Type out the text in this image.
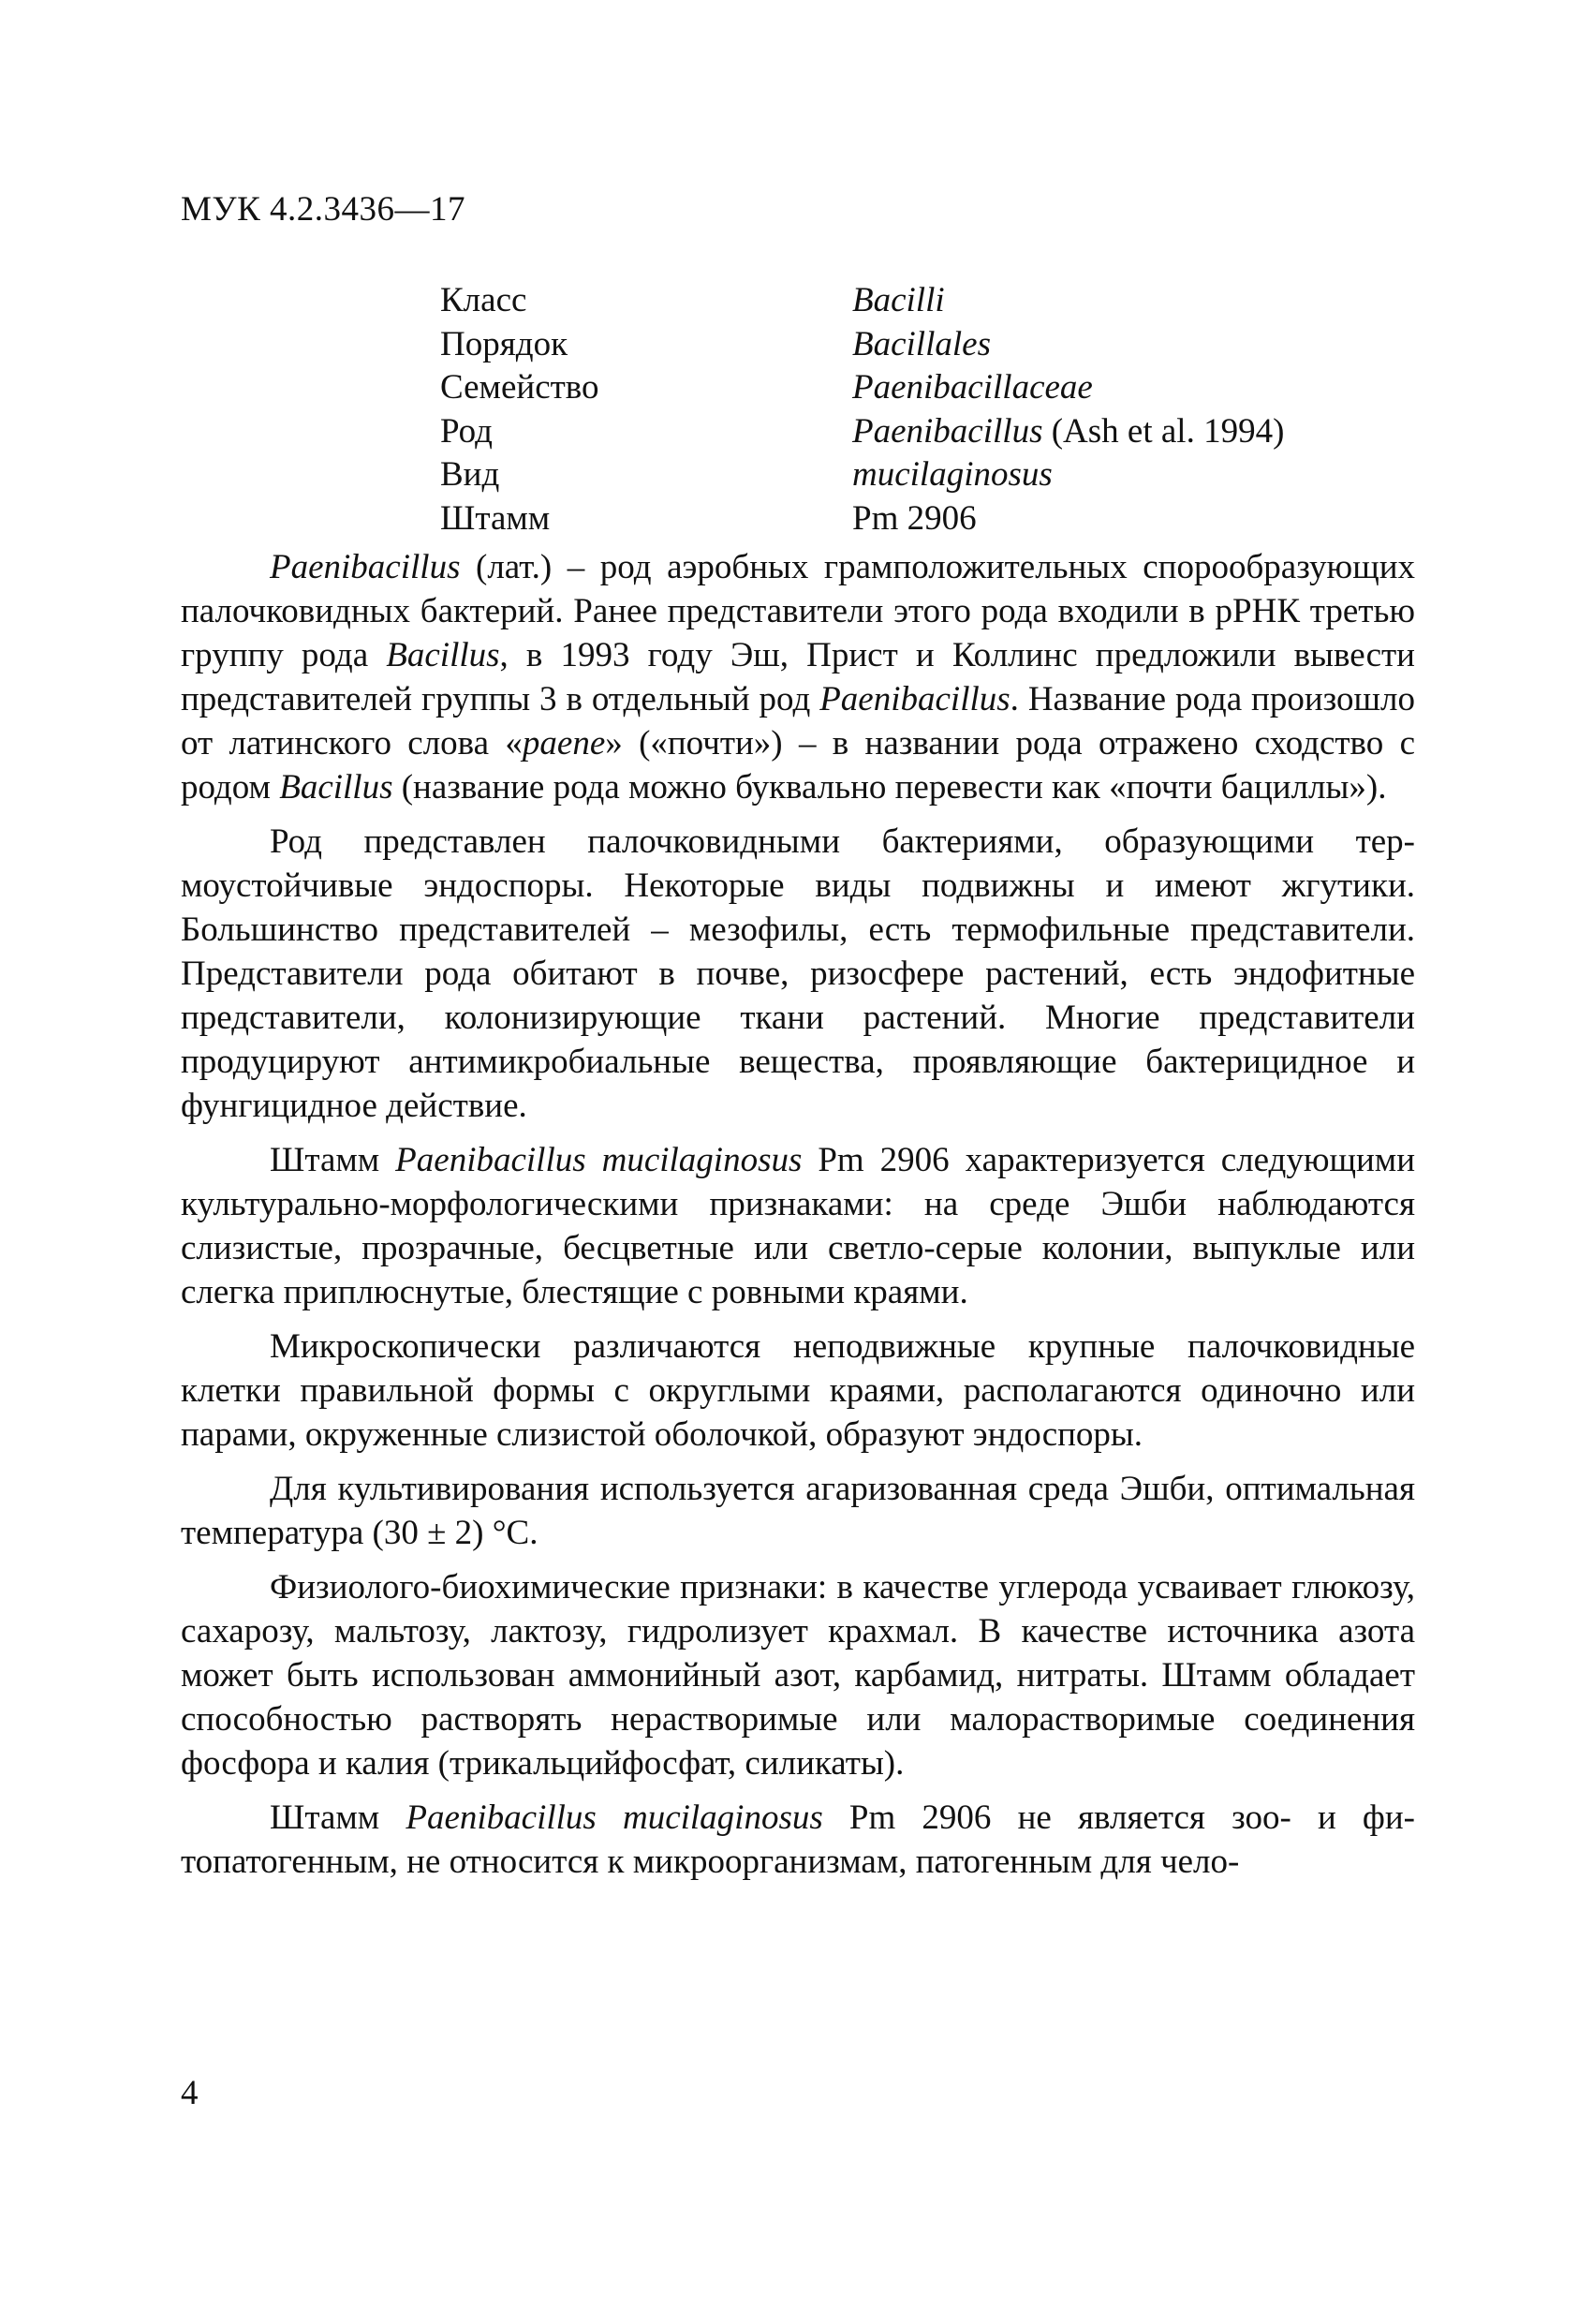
МУК 4.2.3436—17
Класс	Bacilli
Порядок	Bacillales
Семейство	Paenibacillaceae
Род	Paenibacillus (Ash et al. 1994)
Вид	mucilaginosus
Штамм	Pm 2906

Paenibacillus (лат.) – род аэробных грамположительных спорообразующих палочковидных бактерий. Ранее представители этого рода входили в рРНК третью группу рода Bacillus, в 1993 году Эш, Прист и Коллинс предложили вывести представителей группы 3 в отдельный род Paenibacillus. Название рода произошло от латинского слова «paene» («почти») – в названии рода отражено сходство с родом Bacillus (название рода можно буквально перевести как «почти бациллы»).

Род представлен палочковидными бактериями, образующими термоустойчивые эндоспоры. Некоторые виды подвижны и имеют жгутики. Большинство представителей – мезофилы, есть термофильные представители. Представители рода обитают в почве, ризосфере растений, есть эндофитные представители, колонизирующие ткани растений. Многие представители продуцируют антимикробиальные вещества, проявляющие бактерицидное и фунгицидное действие.

Штамм Paenibacillus mucilaginosus Pm 2906 характеризуется следующими культурально-морфологическими признаками: на среде Эшби наблюдаются слизистые, прозрачные, бесцветные или светло-серые колонии, выпуклые или слегка приплюснутые, блестящие с ровными краями.

Микроскопически различаются неподвижные крупные палочковидные клетки правильной формы с округлыми краями, располагаются одиночно или парами, окруженные слизистой оболочкой, образуют эндоспоры.

Для культивирования используется агаризованная среда Эшби, оптимальная температура (30 ± 2) °С.

Физиолого-биохимические признаки: в качестве углерода усваивает глюкозу, сахарозу, мальтозу, лактозу, гидролизует крахмал. В качестве источника азота может быть использован аммонийный азот, карбамид, нитраты. Штамм обладает способностью растворять нерастворимые или малорастворимые соединения фосфора и калия (трикальцийфосфат, силикаты).

Штамм Paenibacillus mucilaginosus Pm 2906 не является зоо- и фитопатогенным, не относится к микроорганизмам, патогенным для чело-

4
